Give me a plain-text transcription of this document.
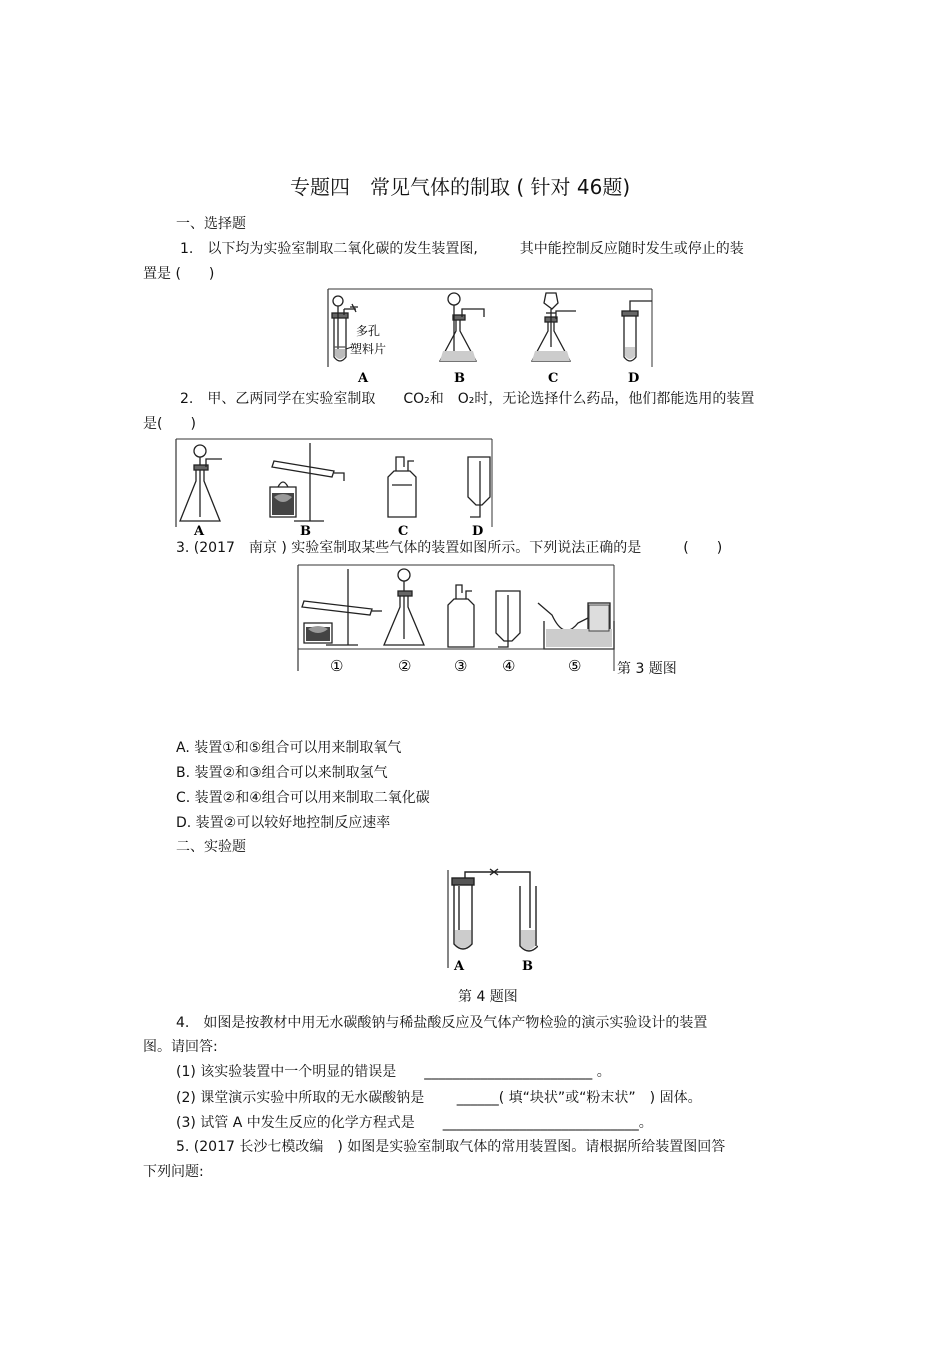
专题四　常见气体的制取 ( 针对 46题)
一、选择题
1.　以下均为实验室制取二氧化碳的发生装置图,　　　其中能控制反应随时发生或停止的装
置是 (　　)
多孔
塑料片
A	B	C	D
2.　甲、乙两同学在实验室制取　　CO₂和　O₂时，无论选择什么药品，他们都能选用的装置
是(　　)
A	B	C	D
3. (2017　南京 ) 实验室制取某些气体的装置如图所示。下列说法正确的是　　　(　　)
①	②	③ ④	⑤	第 3 题图
A. 装置①和⑤组合可以用来制取氧气
B. 装置②和③组合可以来制取氢气
C. 装置②和④组合可以用来制取二氧化碳
D. 装置②可以较好地控制反应速率
二、实验题
A	B
第 4 题图
4.　如图是按教材中用无水碳酸钠与稀盐酸反应及气体产物检验的演示实验设计的装置
图。请回答:
(1) 该实验装置中一个明显的错误是　　________________________ 。
(2) 课堂演示实验中所取的无水碳酸钠是　　 ______( 填“块状”或“粉末状”　) 固体。
(3) 试管 A 中发生反应的化学方程式是　　____________________________。
5. (2017 长沙七模改编　) 如图是实验室制取气体的常用装置图。请根据所给装置图回答
下列问题:
